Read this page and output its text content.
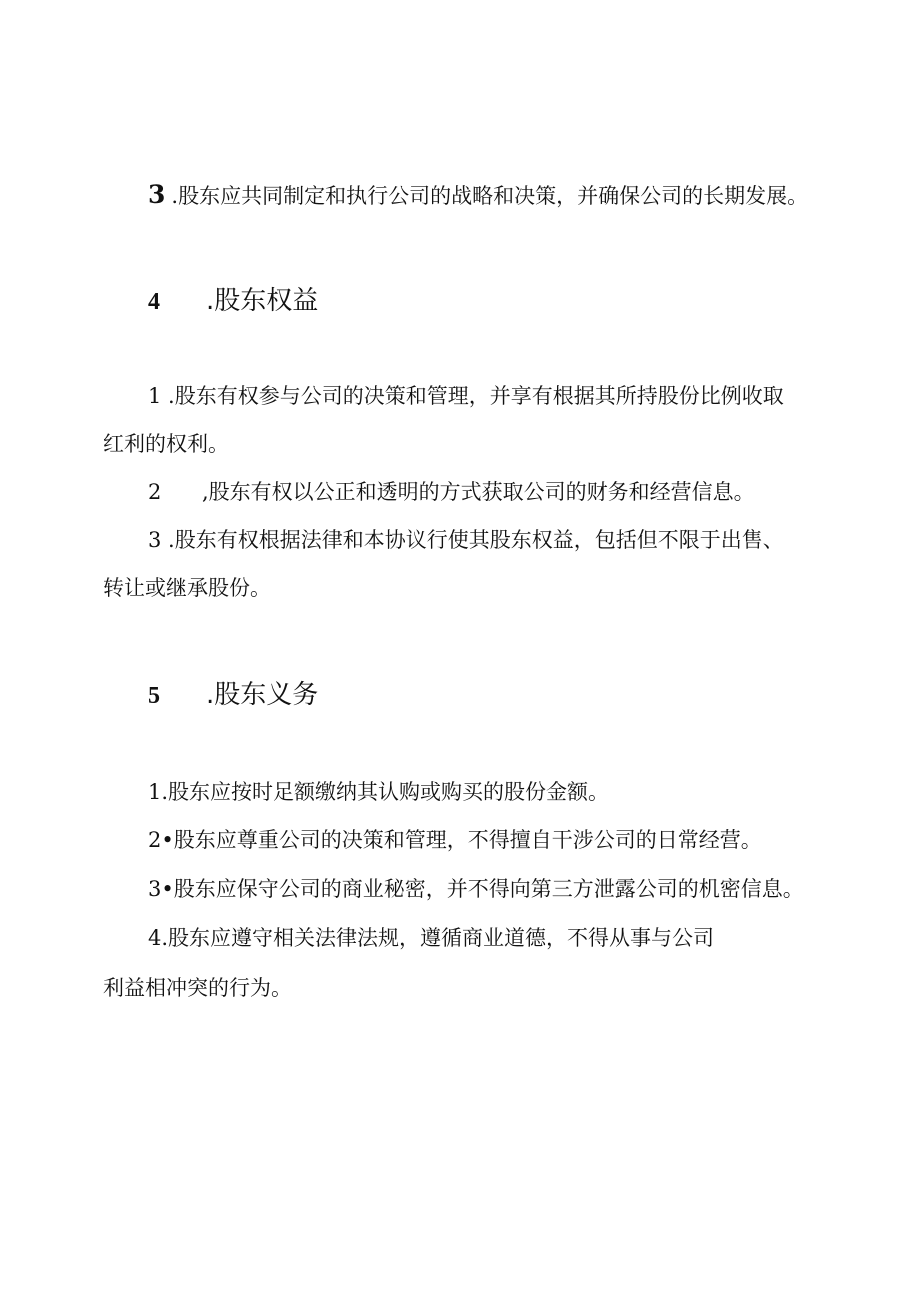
3 .股东应共同制定和执行公司的战略和决策，并确保公司的长期发展。
4 .股东权益
1 .股东有权参与公司的决策和管理，并享有根据其所持股份比例收取
红利的权利。
2 ,股东有权以公正和透明的方式获取公司的财务和经营信息。
3 .股东有权根据法律和本协议行使其股东权益，包括但不限于出售、
转让或继承股份。
5 .股东义务
1.股东应按时足额缴纳其认购或购买的股份金额。
2•股东应尊重公司的决策和管理，不得擅自干涉公司的日常经营。
3•股东应保守公司的商业秘密，并不得向第三方泄露公司的机密信息。
4.股东应遵守相关法律法规，遵循商业道德，不得从事与公司
利益相冲突的行为。
